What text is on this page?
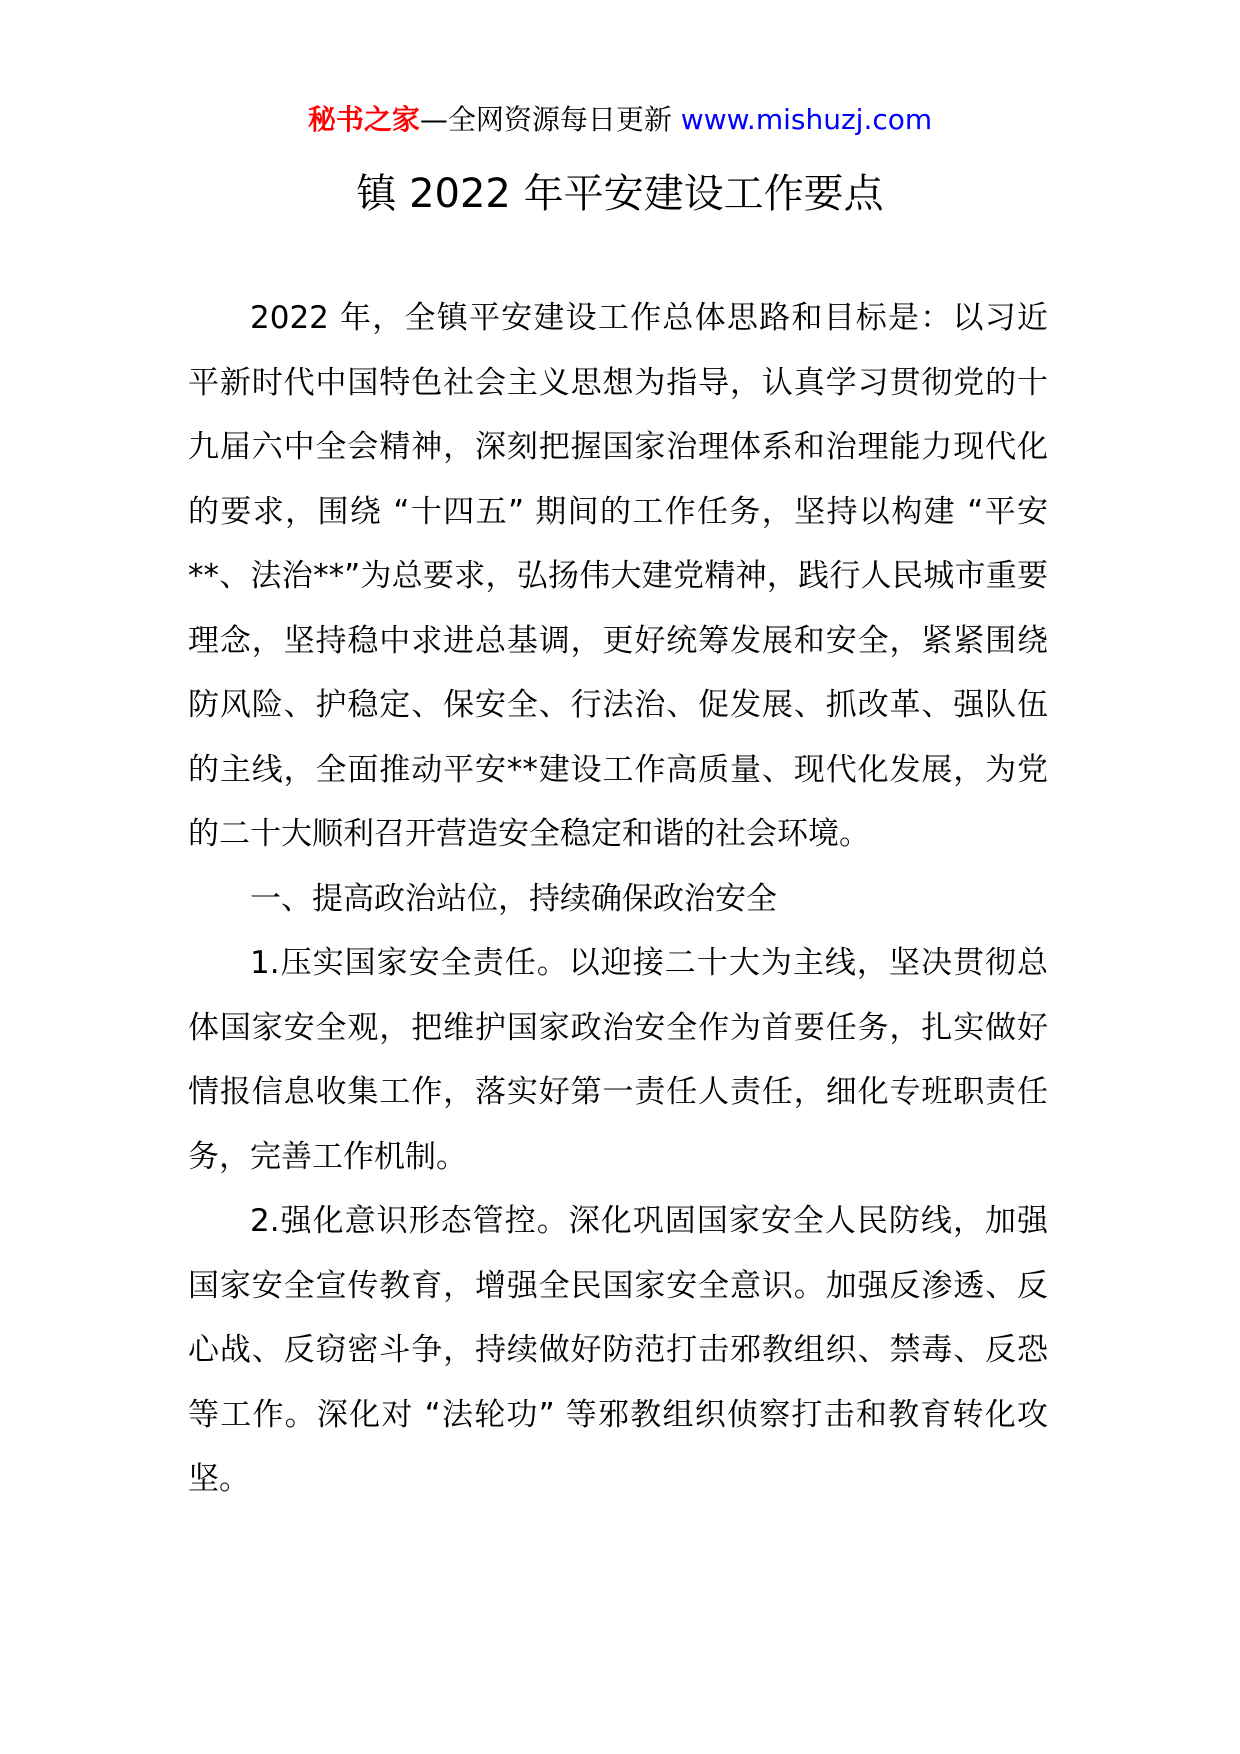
秘书之家—全网资源每日更新 www.mishuzj.com
镇 2022 年平安建设工作要点

2022 年，全镇平安建设工作总体思路和目标是：以习近平新时代中国特色社会主义思想为指导，认真学习贯彻党的十九届六中全会精神，深刻把握国家治理体系和治理能力现代化的要求，围绕 “十四五” 期间的工作任务，坚持以构建 “平安**、法治**”为总要求，弘扬伟大建党精神，践行人民城市重要理念，坚持稳中求进总基调，更好统筹发展和安全，紧紧围绕防风险、护稳定、保安全、行法治、促发展、抓改革、强队伍的主线，全面推动平安**建设工作高质量、现代化发展，为党的二十大顺利召开营造安全稳定和谐的社会环境。

一、提高政治站位，持续确保政治安全

1.压实国家安全责任。以迎接二十大为主线，坚决贯彻总体国家安全观，把维护国家政治安全作为首要任务，扎实做好情报信息收集工作，落实好第一责任人责任，细化专班职责任务，完善工作机制。

2.强化意识形态管控。深化巩固国家安全人民防线，加强国家安全宣传教育，增强全民国家安全意识。加强反渗透、反心战、反窃密斗争，持续做好防范打击邪教组织、禁毒、反恐等工作。深化对 “法轮功” 等邪教组织侦察打击和教育转化攻坚。
